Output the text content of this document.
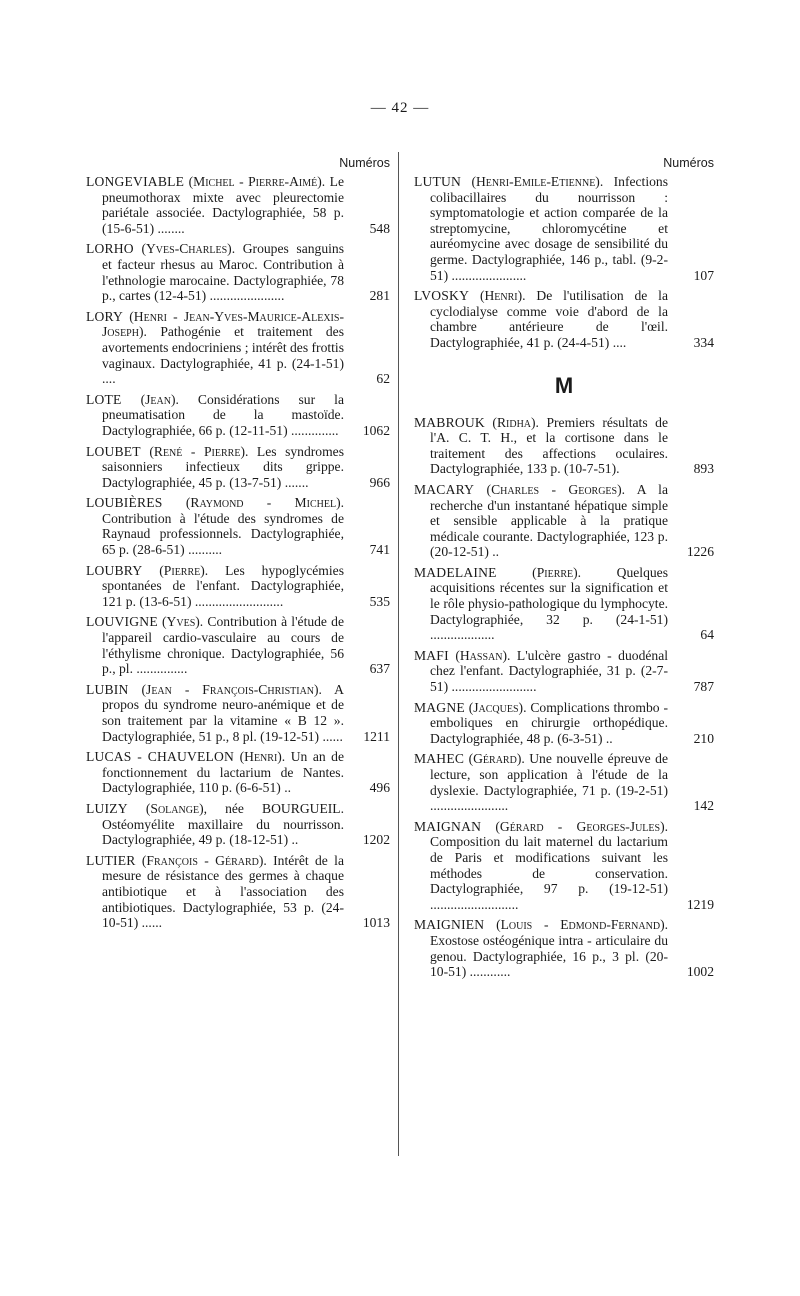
— 42 —
Numéros
LONGEVIABLE (Michel - Pierre-Aimé). Le pneumothorax mixte avec pleurectomie pariétale associée. Dactylographiée, 58 p. (15-6-51) ........	548
LORHO (Yves-Charles). Groupes sanguins et facteur rhesus au Maroc. Contribution à l'ethnologie marocaine. Dactylographiée, 78 p., cartes (12-4-51) ......................	281
LORY (Henri - Jean-Yves-Maurice-Alexis-Joseph). Pathogénie et traitement des avortements endocriniens ; intérêt des frottis vaginaux. Dactylographiée, 41 p. (24-1-51) ....	62
LOTE (Jean). Considérations sur la pneumatisation de la mastoïde. Dactylographiée, 66 p. (12-11-51) ..............	1062
LOUBET (René - Pierre). Les syndromes saisonniers infectieux dits grippe. Dactylographiée, 45 p. (13-7-51) .......	966
LOUBIÈRES (Raymond - Michel). Contribution à l'étude des syndromes de Raynaud professionnels. Dactylographiée, 65 p. (28-6-51) ..........	741
LOUBRY (Pierre). Les hypoglycémies spontanées de l'enfant. Dactylographiée, 121 p. (13-6-51) ..........................	535
LOUVIGNE (Yves). Contribution à l'étude de l'appareil cardio-vasculaire au cours de l'éthylisme chronique. Dactylographiée, 56 p., pl. ...............	637
LUBIN (Jean - François-Christian). A propos du syndrome neuro-anémique et de son traitement par la vitamine « B 12 ». Dactylographiée, 51 p., 8 pl. (19-12-51) ......	1211
LUCAS - CHAUVELON (Henri). Un an de fonctionnement du lactarium de Nantes. Dactylographiée, 110 p. (6-6-51) ..	496
LUIZY (Solange), née BOURGUEIL. Ostéomyélite maxillaire du nourrisson. Dactylographiée, 49 p. (18-12-51) ..	1202
LUTIER (François - Gérard). Intérêt de la mesure de résistance des germes à chaque antibiotique et à l'association des antibiotiques. Dactylographiée, 53 p. (24-10-51) ......	1013
Numéros
LUTUN (Henri-Emile-Etienne). Infections colibacillaires du nourrisson : symptomatologie et action comparée de la streptomycine, chloromycétine et auréomycine avec dosage de sensibilité du germe. Dactylographiée, 146 p., tabl. (9-2-51) ......................	107
LVOSKY (Henri). De l'utilisation de la cyclodialyse comme voie d'abord de la chambre antérieure de l'œil. Dactylographiée, 41 p. (24-4-51) ....	334
M
MABROUK (Ridha). Premiers résultats de l'A. C. T. H., et la cortisone dans le traitement des affections oculaires. Dactylographiée, 133 p. (10-7-51).	893
MACARY (Charles - Georges). A la recherche d'un instantané hépatique simple et sensible applicable à la pratique médicale courante. Dactylographiée, 123 p. (20-12-51) ..	1226
MADELAINE	(Pierre).	Quelques acquisitions récentes sur la signification et le rôle physio-pathologique du lymphocyte. Dactylographiée, 32 p. (24-1-51) ...................	64
MAFI (Hassan). L'ulcère gastro - duodénal chez l'enfant. Dactylographiée, 31 p. (2-7-51) .........................	787
MAGNE (Jacques). Complications thrombo - emboliques en chirurgie orthopédique. Dactylographiée, 48 p. (6-3-51) ..	210
MAHEC (Gérard). Une nouvelle épreuve de lecture, son application à l'étude de la dyslexie. Dactylographiée, 71 p. (19-2-51) .......................	142
MAIGNAN (Gérard - Georges-Jules). Composition du lait maternel du lactarium de Paris et modifications suivant les méthodes de conservation. Dactylographiée, 97 p. (19-12-51) ..........................	1219
MAIGNIEN (Louis - Edmond-Fernand). Exostose ostéogénique intra - articulaire du genou. Dactylographiée, 16 p., 3 pl. (20-10-51) ............	1002
